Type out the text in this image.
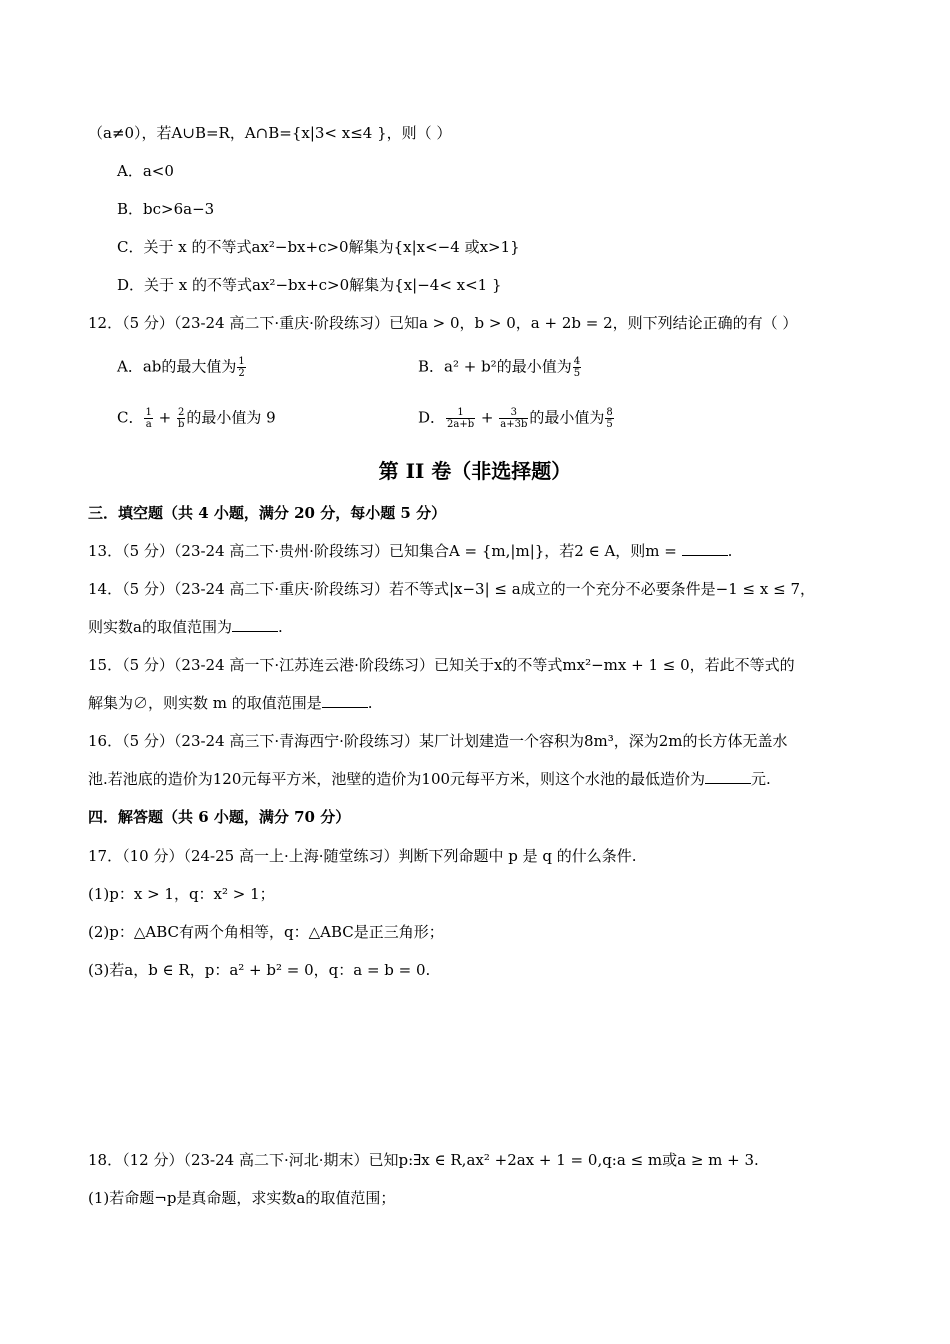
（a≠0），若A∪B=R，A∩B={x|3< x≤4 }，则（ ）
A．a<0
B．bc>6a−3
C．关于 x 的不等式ax²−bx+c>0解集为{x|x<−4 或x>1}
D．关于 x 的不等式ax²−bx+c>0解集为{x|−4< x<1 }
12．（5 分）（23-24 高二下·重庆·阶段练习）已知a > 0，b > 0，a + 2b = 2，则下列结论正确的有（ ）
A．ab的最大值为 $\frac{1}{2}$	B．a² + b²的最小值为 $\frac{4}{5}$
C． $\frac{1}{a} + \frac{2}{b}$ 的最小值为 9	D． $\frac{1}{2a+b} + \frac{3}{a+3b}$ 的最小值为 $\frac{8}{5}$
第 II 卷（非选择题）
三．填空题（共 4 小题，满分 20 分，每小题 5 分）
13．（5 分）（23-24 高二下·贵州·阶段练习）已知集合A = {m,|m|}，若2 ∈ A，则m =	.
14．（5 分）（23-24 高二下·重庆·阶段练习）若不等式|x−3| ≤ a成立的一个充分不必要条件是−1 ≤ x ≤ 7，
则实数a的取值范围为	.
15．（5 分）（23-24 高一下·江苏连云港·阶段练习）已知关于x的不等式mx²−mx + 1 ≤ 0，若此不等式的
解集为∅，则实数 m 的取值范围是	.
16．（5 分）（23-24 高三下·青海西宁·阶段练习）某厂计划建造一个容积为8m³，深为2m的长方体无盖水
池.若池底的造价为120元每平方米，池壁的造价为100元每平方米，则这个水池的最低造价为	元.
四．解答题（共 6 小题，满分 70 分）
17．（10 分）（24-25 高一上·上海·随堂练习）判断下列命题中 p 是 q 的什么条件.
(1)p：x > 1，q：x² > 1；
(2)p：△ABC有两个角相等，q：△ABC是正三角形；
(3)若a，b ∈ R，p：a² + b² = 0，q：a = b = 0.
18．（12 分）（23-24 高二下·河北·期末）已知p:∃x ∈ R,ax² +2ax + 1 = 0,q:a ≤ m或a ≥ m + 3.
(1)若命题¬p是真命题，求实数a的取值范围；
